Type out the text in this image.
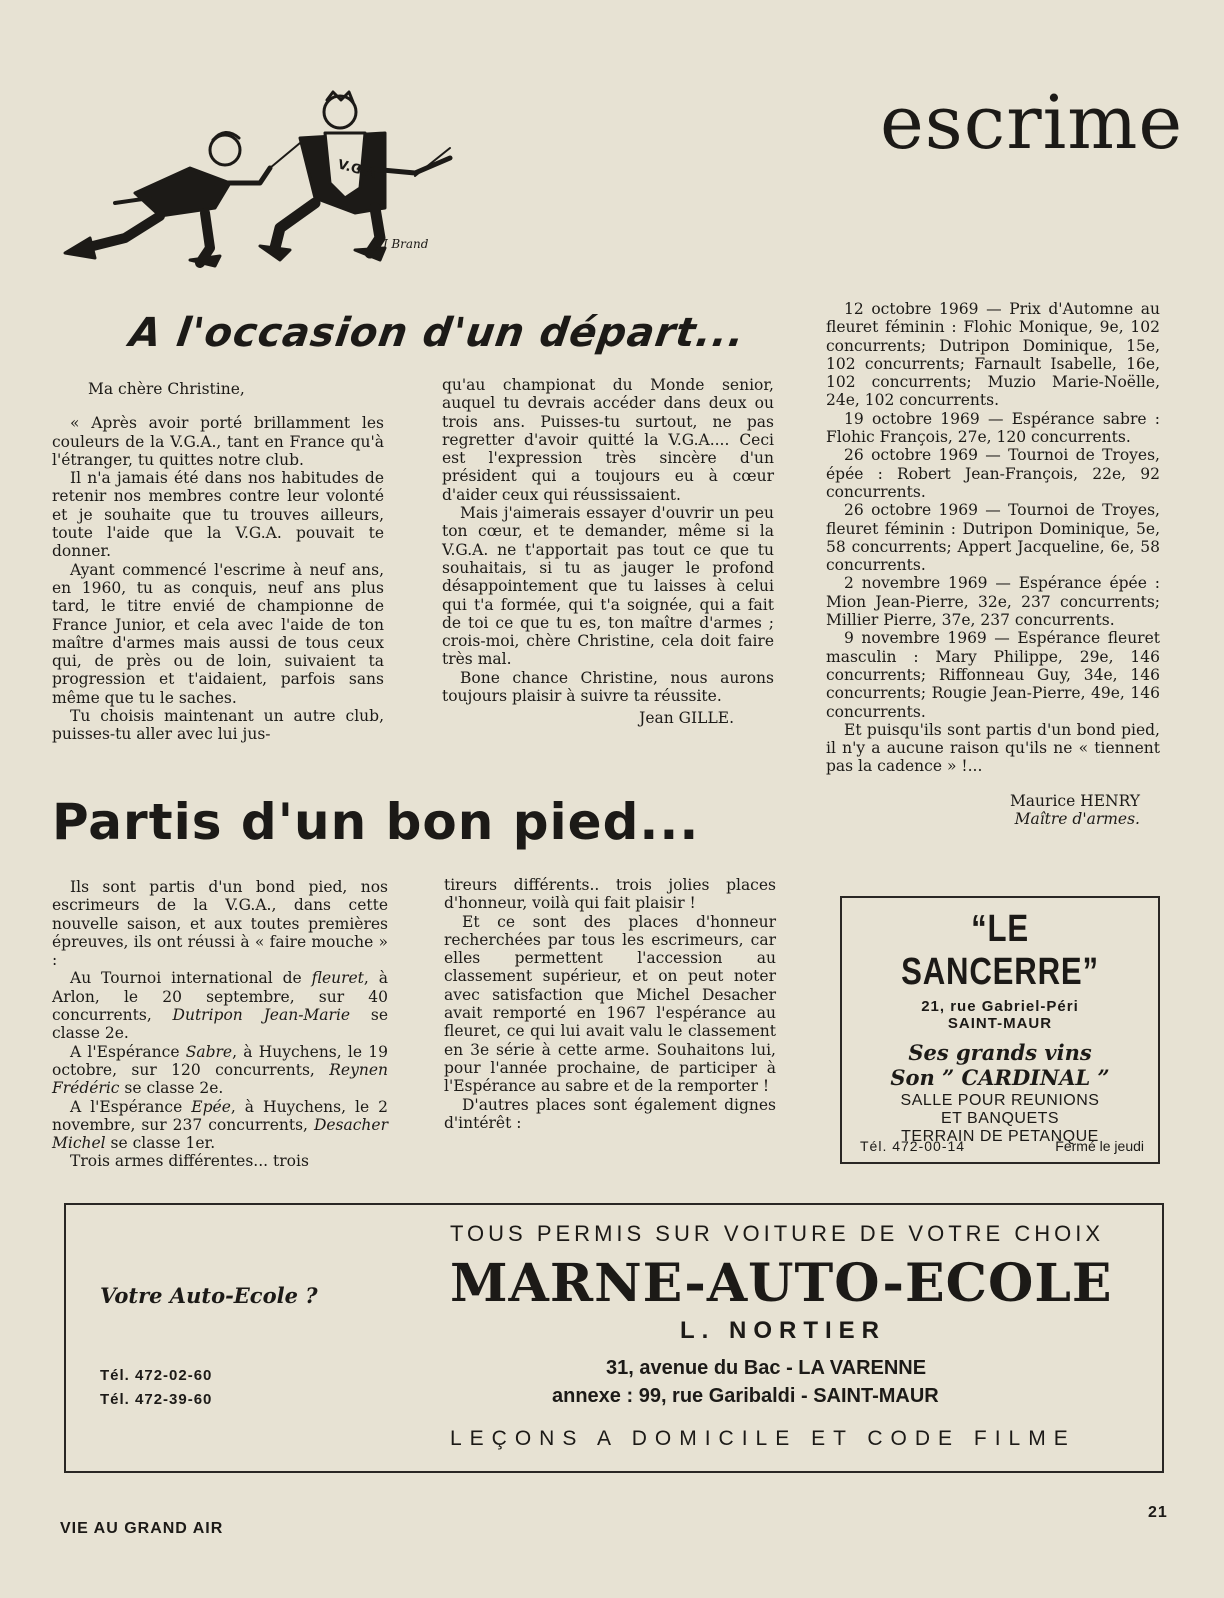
V.G.A
J.J Brand
escrime
A l'occasion d'un départ...

Ma chère Christine,

« Après avoir porté brillamment les couleurs de la V.G.A., tant en France qu'à l'étranger, tu quittes notre club.

Il n'a jamais été dans nos habitudes de retenir nos membres contre leur volonté et je souhaite que tu trouves ailleurs, toute l'aide que la V.G.A. pouvait te donner.

Ayant commencé l'escrime à neuf ans, en 1960, tu as conquis, neuf ans plus tard, le titre envié de championne de France Junior, et cela avec l'aide de ton maître d'armes mais aussi de tous ceux qui, de près ou de loin, suivaient ta progression et t'aidaient, parfois sans même que tu le saches.

Tu choisis maintenant un autre club, puisses-tu aller avec lui jus-

qu'au championat du Monde senior, auquel tu devrais accéder dans deux ou trois ans. Puisses-tu surtout, ne pas regretter d'avoir quitté la V.G.A.... Ceci est l'expression très sincère d'un président qui a toujours eu à cœur d'aider ceux qui réussissaient.

Mais j'aimerais essayer d'ouvrir un peu ton cœur, et te demander, même si la V.G.A. ne t'apportait pas tout ce que tu souhaitais, si tu as jauger le profond désappointement que tu laisses à celui qui t'a formée, qui t'a soignée, qui a fait de toi ce que tu es, ton maître d'armes ; crois-moi, chère Christine, cela doit faire très mal.

Bone chance Christine, nous aurons toujours plaisir à suivre ta réussite.

Jean GILLE.

Partis d'un bon pied...

Ils sont partis d'un bond pied, nos escrimeurs de la V.G.A., dans cette nouvelle saison, et aux toutes premières épreuves, ils ont réussi à « faire mouche » :

Au Tournoi international de fleuret, à Arlon, le 20 septembre, sur 40 concurrents, Dutripon Jean-Marie se classe 2e.

A l'Espérance Sabre, à Huychens, le 19 octobre, sur 120 concurrents, Reynen Frédéric se classe 2e.

A l'Espérance Epée, à Huychens, le 2 novembre, sur 237 concurrents, Desacher Michel se classe 1er.

Trois armes différentes... trois

tireurs différents.. trois jolies places d'honneur, voilà qui fait plaisir !

Et ce sont des places d'honneur recherchées par tous les escrimeurs, car elles permettent l'accession au classement supérieur, et on peut noter avec satisfaction que Michel Desacher avait remporté en 1967 l'espérance au fleuret, ce qui lui avait valu le classement en 3e série à cette arme. Souhaitons lui, pour l'année prochaine, de participer à l'Espérance au sabre et de la remporter !

D'autres places sont également dignes d'intérêt :

12 octobre 1969 — Prix d'Automne au fleuret féminin : Flohic Monique, 9e, 102 concurrents; Dutripon Dominique, 15e, 102 concurrents; Farnault Isabelle, 16e, 102 concurrents; Muzio Marie-Noëlle, 24e, 102 concurrents.

19 octobre 1969 — Espérance sabre : Flohic François, 27e, 120 concurrents.

26 octobre 1969 — Tournoi de Troyes, épée : Robert Jean-François, 22e, 92 concurrents.

26 octobre 1969 — Tournoi de Troyes, fleuret féminin : Dutripon Dominique, 5e, 58 concurrents; Appert Jacqueline, 6e, 58 concurrents.

2 novembre 1969 — Espérance épée : Mion Jean-Pierre, 32e, 237 concurrents; Millier Pierre, 37e, 237 concurrents.

9 novembre 1969 — Espérance fleuret masculin : Mary Philippe, 29e, 146 concurrents; Riffonneau Guy, 34e, 146 concurrents; Rougie Jean-Pierre, 49e, 146 concurrents.

Et puisqu'ils sont partis d'un bond pied, il n'y a aucune raison qu'ils ne « tiennent pas la cadence » !...

Maurice HENRY

Maître d'armes.

“LE SANCERRE”
21, rue Gabriel-Péri
SAINT-MAUR
Ses grands vins
Son ” CARDINAL ”
SALLE POUR REUNIONS
ET BANQUETS
TERRAIN DE PETANQUE
Tél. 472-00-14	Fermé le jeudi
Votre Auto-Ecole ?
Tél. 472-02-60
Tél. 472-39-60
TOUS PERMIS SUR VOITURE DE VOTRE CHOIX
MARNE-AUTO-ECOLE
L. NORTIER
31, avenue du Bac - LA VARENNE
annexe : 99, rue Garibaldi - SAINT-MAUR
LEÇONS A DOMICILE ET CODE FILME
VIE AU GRAND AIR
21
